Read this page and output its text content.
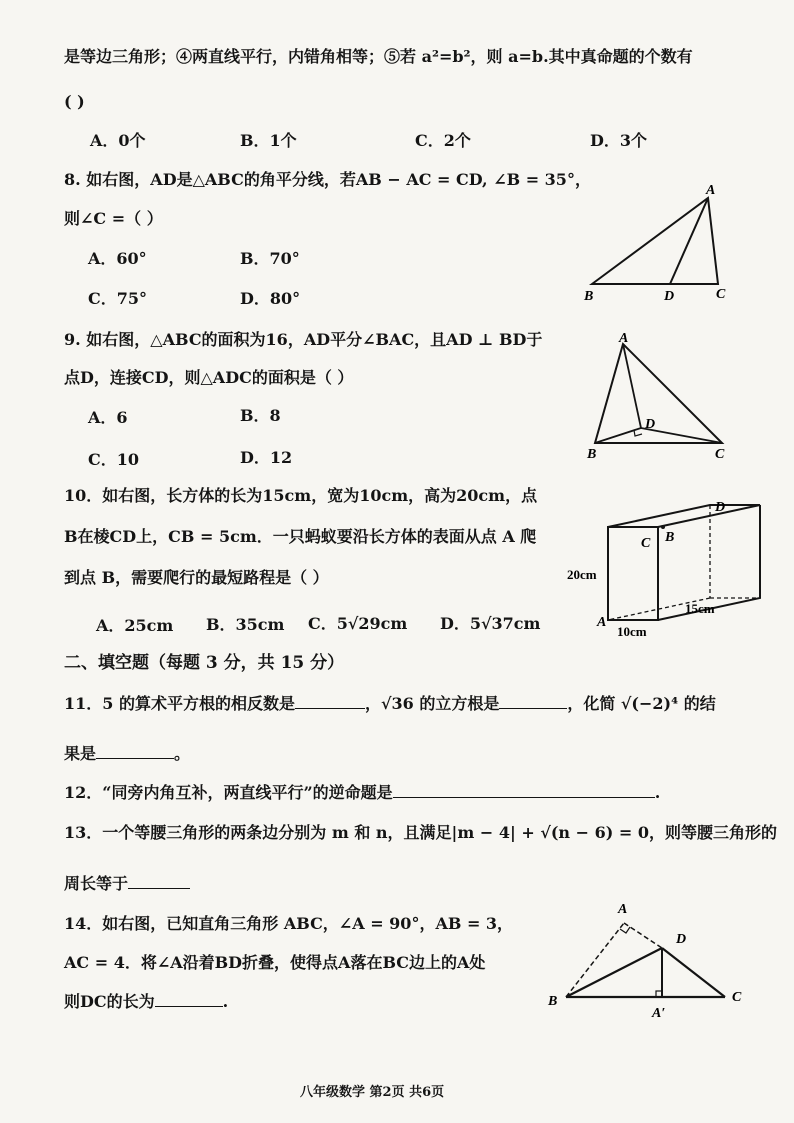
是等边三角形；④两直线平行，内错角相等；⑤若 a²=b²，则 a=b.其中真命题的个数有
( )
A．0个	B．1个	C．2个	D．3个
8. 如右图，AD是△ABC的角平分线，若AB − AC = CD, ∠B = 35°，
则∠C =（ ）
A．60°	B．70°
C．75°	D．80°
A
B	D	C
9. 如右图，△ABC的面积为16，AD平分∠BAC，且AD ⊥ BD于
点D，连接CD，则△ADC的面积是（ ）
A．6	B．8
C．10	D．12
A
D
B	C
10．如右图，长方体的长为15cm，宽为10cm，高为20cm，点
B在棱CD上，CB = 5cm．一只蚂蚁要沿长方体的表面从点 A 爬
到点 B，需要爬行的最短路程是（ ）
A．25cm B．35cm C．5√29cm D．5√37cm
D
C B
A
20cm
15cm
10cm
二、填空题（每题 3 分，共 15 分）
11．5 的算术平方根的相反数是	，√36 的立方根是	，化简 √(−2)⁴ 的结
果是	。
12．“同旁内角互补，两直线平行”的逆命题是	.
13．一个等腰三角形的两条边分别为 m 和 n，且满足|m − 4| + √(n − 6) = 0，则等腰三角形的
周长等于
14．如右图，已知直角三角形 ABC，∠A = 90°，AB = 3，
AC = 4．将∠A沿着BD折叠，使得点A落在BC边上的A处
则DC的长为	.
A
D
B	C
A′
八年级数学 第2页 共6页
